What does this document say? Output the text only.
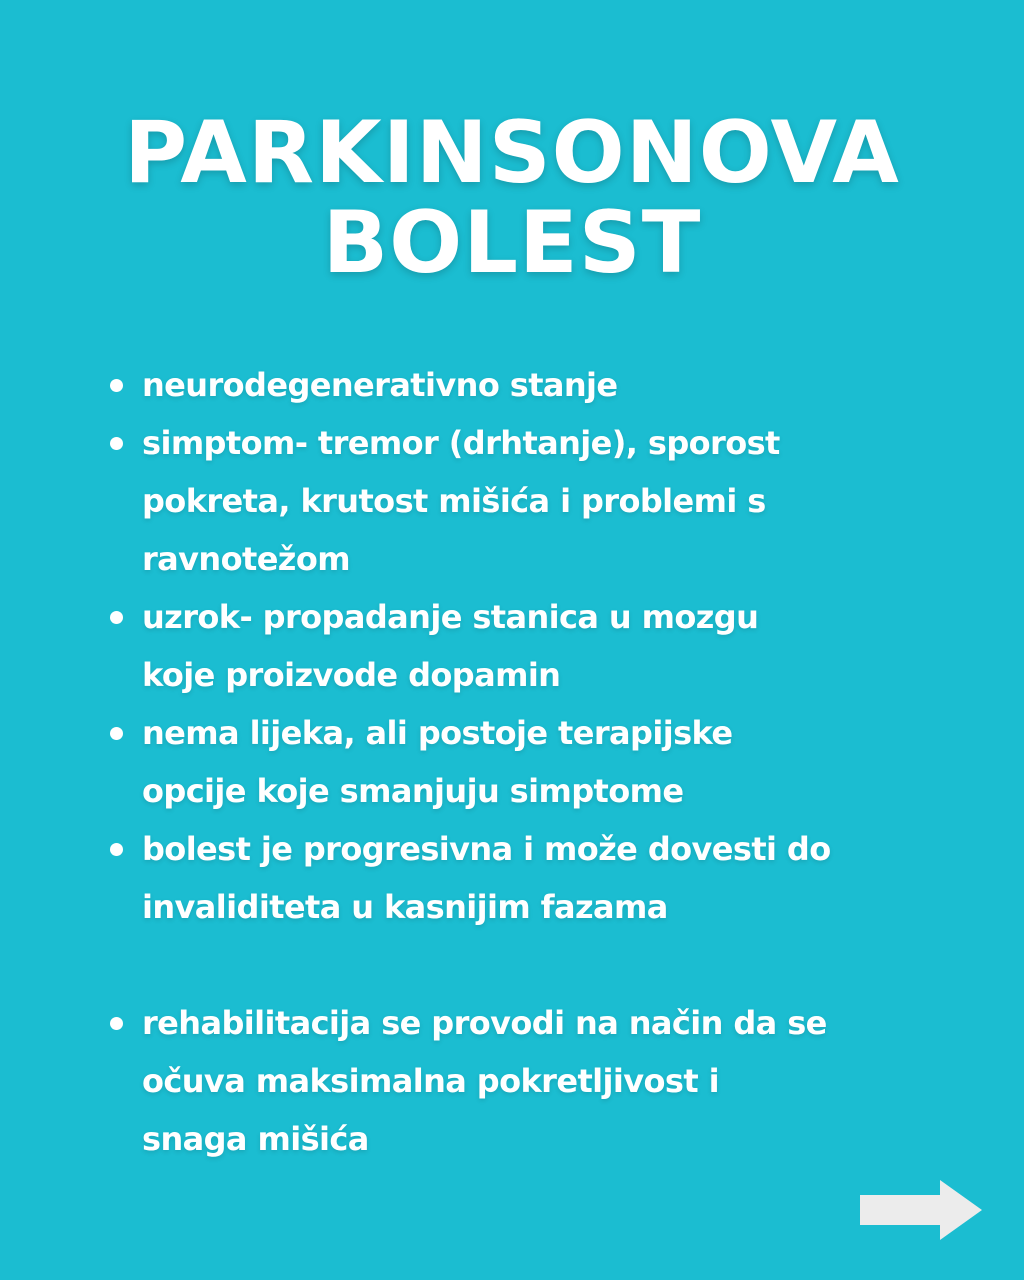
PARKINSONOVA
BOLEST
neurodegenerativno stanje
simptom- tremor (drhtanje), sporost
pokreta, krutost mišića i problemi s
ravnotežom
uzrok- propadanje stanica u mozgu
koje proizvode dopamin
nema lijeka, ali postoje terapijske
opcije koje smanjuju simptome
bolest je progresivna i može dovesti do
invaliditeta u kasnijim fazama
rehabilitacija se provodi na način da se
očuva maksimalna pokretljivost i
snaga mišića
